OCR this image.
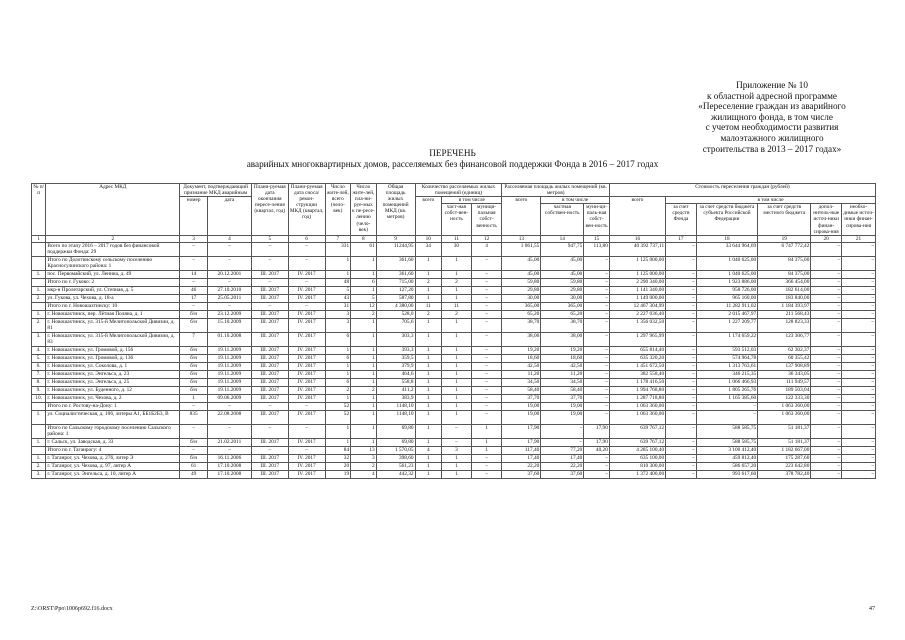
Приложение № 10
к областной адресной программе
«Переселение граждан из аварийного
жилищного фонда, в том числе
с учетом необходимости развития
малоэтажного жилищного
строительства в 2013 – 2017 годах»
ПЕРЕЧЕНЬ
аварийных многоквартирных домов, расселяемых без финансовой поддержки Фонда в 2016 – 2017 годах
№ п/п	Адрес МКД	Документ, подтверждающий признание МКД аварийным		Плани-руемая дата окончания пересе-ления (квартал, год)	Плани-руемая дата сноса/ рекон-струкции МКД (квартал, год)	Число жите-лей, всего (чело-век)	Число жите-лей, пла-ни-руе-мых к пе-ресе-лению (чело-век)	Общая площадь жилых помещений МКД (кв. метров)	Количество расселяемых жилых помещений (единиц)			Расселяемая площадь жилых помещений (кв. метров)			Стоимость переселения граждан (рублей)					
		номер	дата						всего	в том числе		всего	в том числе		всего	в том числе				
										част-ная собст-вен-ность	муници-пальная собст-венность		частная собствен-ность	муни-ци-паль-ная собст-вен-ность		за счет средств Фонда	за счет средств бюджета субъекта Российской Федерации	за счет средств местного бюджета	допол-нитель-ные источ-ники финан-сирова-ния	необхо-димые источ-ники финан-сирова-ния
1	2	3	4	5	6	7	8	9	10	11	12	13	14	15	16	17	18	19	20	21
	Всего по этапу 2016 – 2017 годов без финансовой поддержки Фонда: 29	–	–	–	–	331	61	11244,95	34	30	4	1 061,55	947,75	113,80	40 392 737,11	–	33 644 964,69	6 747 772,42	–	–
	Итого по Долотинскому сельскому поселению Красносулинского района: 1	–	–	–	–	1	1	361,60	1	1	–	45,00	45,00	–	1 125 000,00	–	1 040 625,00	84 375,00	–	–
1.	пос. Первомайский, ул. Ленина, д. 49	14	20.12.2001	III. 2017	IV. 2017	1	1	361,60	1	1	–	45,00	45,00	–	1 125 000,00	–	1 040 625,00	84 375,00	–	–
	Итого по г. Гуково: 2	–	–	–	–	48	6	715,00	2	2	–	59,80	59,80	–	2 290 340,00	–	1 923 886,00	366 454,00	–	–
1.	мкр-н Пролетарский, ул. Степная, д. 5	46	27.10.2010	III. 2017	IV. 2017	5	1	127,20	1	1	–	29,80	29,80	–	1 141 340,00	–	958 726,00	182 614,00	–	–
2.	ул. Гукова, ул. Чехова, д. 18-а	17	25.05.2011	III. 2017	IV. 2017	43	5	587,80	1	1	–	30,00	30,00	–	1 149 000,00	–	965 160,00	183 840,00	–	–
	Итого по г. Новошахтинску: 10	–	–	–	–	31	12	4 380,00	11	11	–	365,00	365,00	–	12 467 304,99	–	11 282 911,02	1 184 393,97	–	–
1.	г. Новошахтинск, пер. Лётная Поляна, д. 1	б/н	23.12.2009	III. 2017	IV. 2017	3	2	528,0	2	2	–	65,20	65,20	–	2 227 036,40	–	2 015 467,97	211 568,43	–	–
2.	г. Новошахтинск, ул. 315-й Мелитопольской Дивизии, д. 81	б/н	15.10.2009	III. 2017	IV. 2017	3	1	705,6	1	1	–	38,70	38,70	–	1 356 032,50	–	1 227 209,77	128 823,33	–	–
3.	г. Новошахтинск, ул. 315-й Мелитопольской Дивизии, д. 83	7	01.10.2008	III. 2017	IV. 2017	6	1	303,3	1	1	–	38,00	38,00	–	1 297 965,99	–	1 174 659,22	123 306,77	–	–
4.	г. Новошахтинск, ул. Громовой, д. 156	б/н	19.11.2009	III. 2017	IV. 2017	1	1	393,3	1	1	–	19,20	19,20	–	655 814,40	–	593 512,03	62 302,37	–	–
5.	г. Новошахтинск, ул. Громовой, д. 136	б/н	19.11.2009	III. 2017	IV. 2017	6	1	359,5	1	1	–	18,60	18,60	–	635 320,20	–	574 964,78	60 355,42	–	–
6.	г. Новошахтинск, ул. Соколова, д. 1	б/н	19.11.2009	III. 2017	IV. 2017	1	1	379,9	1	1	–	42,50	42,50	–	1 451 672,50	–	1 313 763,61	137 908,89	–	–
7.	г. Новошахтинск, ул. Энгельса, д. 23	б/н	19.11.2009	III. 2017	IV. 2017	1	1	464,6	1	1	–	11,20	11,20	–	382 558,40	–	346 215,35	36 343,05	–	–
8.	г. Новошахтинск, ул. Энгельса, д. 25	б/н	19.11.2009	III. 2017	IV. 2017	6	1	558,8	1	1	–	34,50	34,50	–	1 178 416,50	–	1 066 466,93	111 949,57	–	–
9.	г. Новошахтинск, ул. Буденного, д. 12	б/н	19.11.2009	III. 2017	IV. 2017	2	2	411,2	1	1	–	58,40	58,40	–	1 994 768,80	–	1 805 265,76	189 503,04	–	–
10.	г. Новошахтинск, ул. Чехова, д. 2	1	09.06.2009	III. 2017	IV. 2017	1	1	383,9	1	1	–	37,70	37,70	–	1 287 718,80	–	1 165 385,60	122 333,30	–	–
	Итого по г. Ростову-на-Дону: 1	–	–	–	–	52	1	1148,10	1	1	–	19,00	19,00	–	1 063 360,00	–	–	1 063 360,00	–	–
1.	ул. Социалистическая, д. 106, литеры А1, ББ1Б2Б3, В	835	22.08.2008	III. 2017	IV. 2017	52	1	1148,10	1	1	–	19,00	19,00	–	1 063 360,00	–	–	1 063 360,00	–	–
	Итого по Сальскому городскому поселению Сальского района: 1	–	–	–	–	1	1	69,80	1	–	1	17,90	–	17,90	639 767,12	–	588 585,75	51 181,37	–	–
1.	г. Сальск, ул. Заводская, д. 33	б/н	21.02.2011	III. 2017	IV. 2017	1	1	69,80	1	–	1	17,90	–	17,90	639 767,12	–	588 585,75	51 181,37	–	–
	Итого по г. Таганрогу: 4	–	–	–	–	84	13	1 570,05	4	3	1	117,40	77,20	40,20	4 285 100,40	–	3 100 412,40	1 182 667,00	–	–
1.	г. Таганрог, ул. Чехова, д. 276, литер Э	б/н	16.11.2006	III. 2017	IV. 2017	32	3	398,60	1	1	–	17,40	17,40	–	635 100,00	–	459 812,40	175 287,60	–	–
2.	г. Таганрог, ул. Чехова, д. 97, литер А	61	17.10.2008	III. 2017	IV. 2017	20	2	561,23	1	1	–	22,20	22,20	–	810 300,00	–	586 657,20	223 642,80	–	–
3.	г. Таганрог, ул. Энгельса, д. 10, литер А	49	17.10.2008	III. 2017	IV. 2017	19	4	442,32	1	1	–	37,60	37,60	–	1 372 400,00	–	993 617,60	378 782,40	–	–
Z:\ORST\Ppo\1006p692.f16.docx	47
